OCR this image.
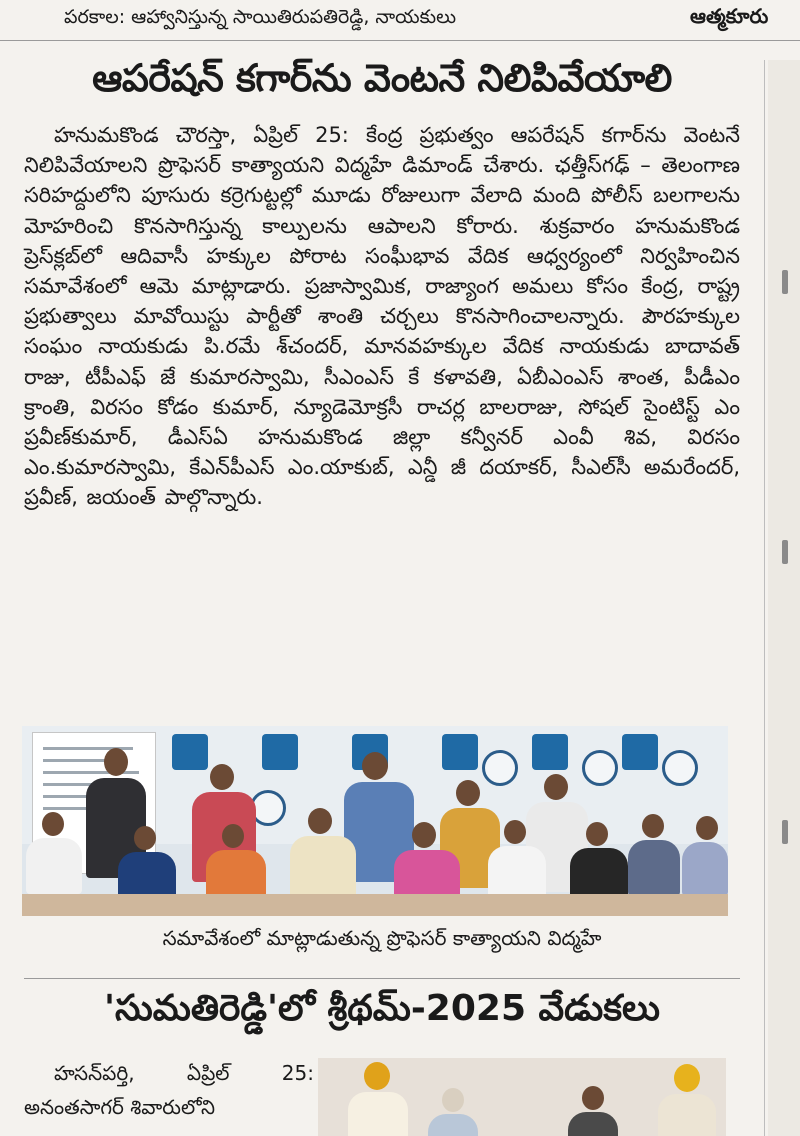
పరకాల: ఆహ్వానిస్తున్న సాయితిరుపతిరెడ్డి, నాయకులు	ఆత్మకూరు
ఆపరేషన్ కగార్‌ను వెంటనే నిలిపివేయాలి
హనుమకొండ చౌరస్తా, ఏప్రిల్ 25: కేంద్ర ప్రభుత్వం ఆపరేషన్ కగార్‌ను వెంటనే నిలిపివేయాలని ప్రొఫెసర్ కాత్యాయని విద్మహే డిమాండ్ చేశారు. ఛత్తీస్‌గఢ్ – తెలంగాణ సరిహద్దులోని పూసురు కర్రెగుట్టల్లో మూడు రోజులుగా వేలాది మంది పోలీస్ బలగాలను మోహరించి కొనసాగిస్తున్న కాల్పులను ఆపాలని కోరారు. శుక్రవారం హనుమకొండ ప్రెస్‌క్లబ్‌లో ఆదివాసీ హక్కుల పోరాట సంఘీభావ వేదిక ఆధ్వర్యంలో నిర్వహించిన సమావేశంలో ఆమె మాట్లాడారు. ప్రజాస్వామిక, రాజ్యాంగ అమలు కోసం కేంద్ర, రాష్ట్ర ప్రభుత్వాలు మావోయిస్టు పార్టీతో శాంతి చర్చలు కొనసాగించాలన్నారు. పౌరహక్కుల సంఘం నాయకుడు పి.రమే శ్‌చందర్, మానవహక్కుల వేదిక నాయకుడు బాదావత్ రాజు, టీపీఎఫ్ జే కుమారస్వామి, సీఎంఎస్ కే కళావతి, ఏబీఎంఎస్ శాంత, పీడీఎం క్రాంతి, విరసం కోడం కుమార్, న్యూడెమోక్రసీ రాచర్ల బాలరాజు, సోషల్ సైంటిస్ట్ ఎం ప్రవీణ్‌కుమార్, డీఎస్‌ఏ హనుమకొండ జిల్లా కన్వీనర్ ఎంవీ శివ, విరసం ఎం.కుమారస్వామి, కేఎన్‌పీఎస్ ఎం.యాకుబ్, ఎన్డీ జీ దయాకర్, సీఎల్‌సీ అమరేందర్, ప్రవీణ్, జయంత్ పాల్గొన్నారు.
సమావేశంలో మాట్లాడుతున్న ప్రొఫెసర్ కాత్యాయని విద్మహే
'సుమతిరెడ్డి'లో శ్రీథమ్-2025 వేడుకలు
హసన్‌పర్తి, ఏప్రిల్ 25: అనంతసాగర్ శివారులోని
